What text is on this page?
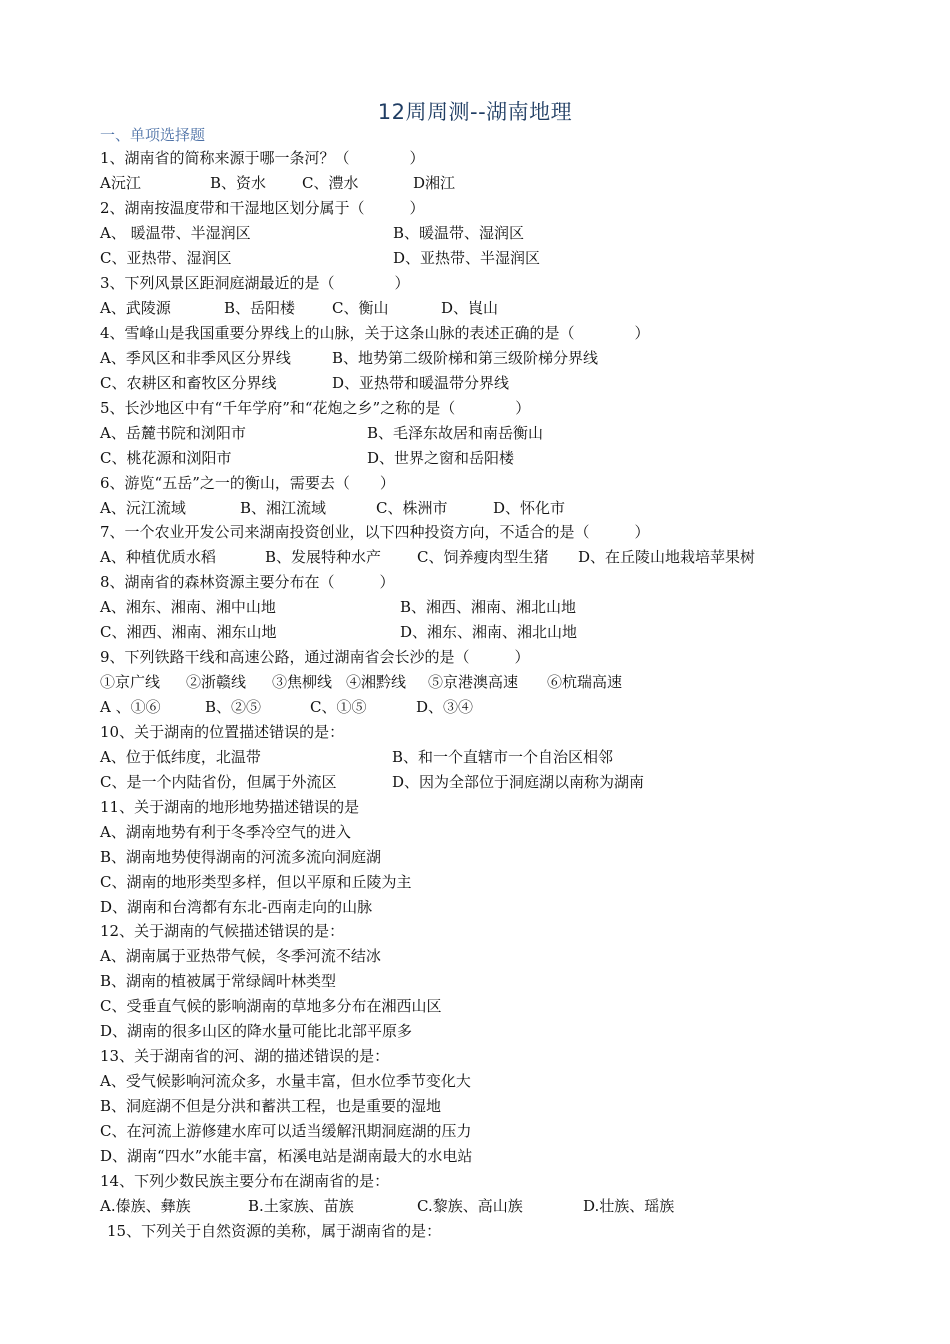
12周周测--湖南地理
一、单项选择题
1、湖南省的简称来源于哪一条河？（　　　　）
A沅江	B、资水 C、澧水	D湘江
2、湖南按温度带和干湿地区划分属于（　　　）
A、 暖温带、半湿润区	B、暖温带、湿润区
C、亚热带、湿润区	D、亚热带、半湿润区
3、下列风景区距洞庭湖最近的是（　　　　）
A、武陵源	B、岳阳楼 C、衡山	D、崀山
4、雪峰山是我国重要分界线上的山脉，关于这条山脉的表述正确的是（　　　　）
A、季风区和非季风区分界线	B、地势第二级阶梯和第三级阶梯分界线
C、农耕区和畜牧区分界线	D、亚热带和暖温带分界线
5、长沙地区中有“千年学府”和“花炮之乡”之称的是（　　　　）
A、岳麓书院和浏阳市	B、毛泽东故居和南岳衡山
C、桃花源和浏阳市	D、世界之窗和岳阳楼
6、游览“五岳”之一的衡山，需要去（　　）
A、沅江流域	B、湘江流域	C、株洲市	D、怀化市
7、一个农业开发公司来湖南投资创业，以下四种投资方向，不适合的是（　　　）
A、种植优质水稻	B、发展特种水产 C、饲养瘦肉型生猪 D、在丘陵山地栽培苹果树
8、湖南省的森林资源主要分布在（　　　）
A、湘东、湘南、湘中山地	B、湘西、湘南、湘北山地
C、湘西、湘南、湘东山地	D、湘东、湘南、湘北山地
9、下列铁路干线和高速公路，通过湖南省会长沙的是（　　　）
①京广线 ②浙赣线 ③焦柳线 ④湘黔线 ⑤京港澳高速 ⑥杭瑞高速
A 、①⑥	B、②⑤	C、①⑤	D、③④
10、关于湖南的位置描述错误的是：
A、位于低纬度，北温带	B、和一个直辖市一个自治区相邻
C、是一个内陆省份，但属于外流区	D、因为全部位于洞庭湖以南称为湖南
11、关于湖南的地形地势描述错误的是
A、湖南地势有利于冬季冷空气的进入
B、湖南地势使得湖南的河流多流向洞庭湖
C、湖南的地形类型多样，但以平原和丘陵为主
D、湖南和台湾都有东北-西南走向的山脉
12、关于湖南的气候描述错误的是：
A、湖南属于亚热带气候，冬季河流不结冰
B、湖南的植被属于常绿阔叶林类型
C、受垂直气候的影响湖南的草地多分布在湘西山区
D、湖南的很多山区的降水量可能比北部平原多
13、关于湖南省的河、湖的描述错误的是：
A、受气候影响河流众多，水量丰富，但水位季节变化大
B、洞庭湖不但是分洪和蓄洪工程，也是重要的湿地
C、在河流上游修建水库可以适当缓解汛期洞庭湖的压力
D、湖南“四水”水能丰富，柘溪电站是湖南最大的水电站
14、下列少数民族主要分布在湖南省的是：
A.傣族、彝族	B.土家族、苗族	C.黎族、高山族	D.壮族、瑶族
15、下列关于自然资源的美称，属于湖南省的是：
